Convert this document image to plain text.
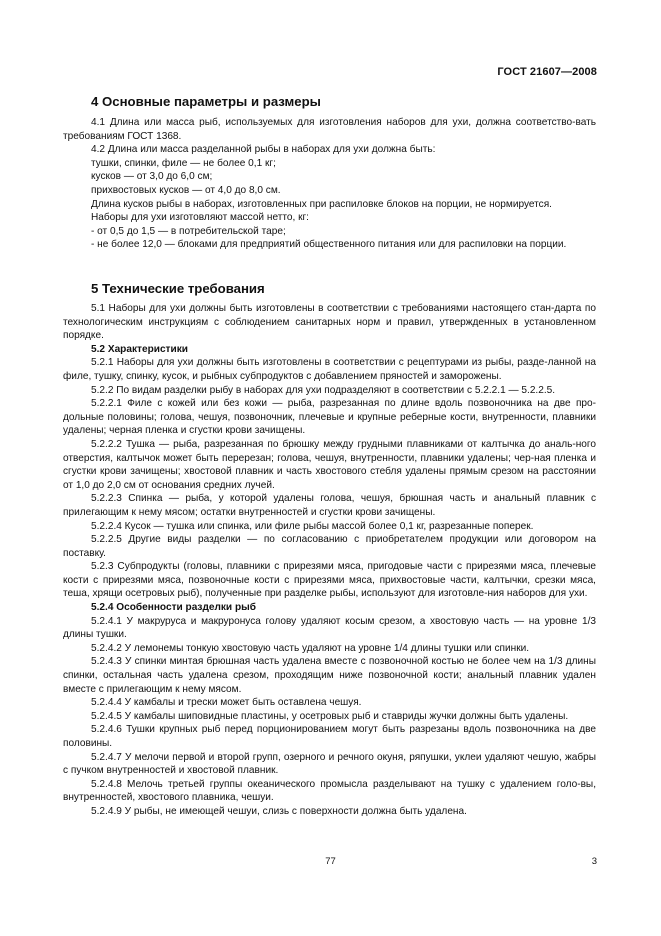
ГОСТ 21607—2008
4 Основные параметры и размеры

4.1 Длина или масса рыб, используемых для изготовления наборов для ухи, должна соответство-вать требованиям ГОСТ 1368.

4.2 Длина или масса разделанной рыбы в наборах для ухи должна быть:

тушки, спинки, филе — не более 0,1 кг;

кусков — от 3,0 до 6,0 см;

прихвостовых кусков — от 4,0 до 8,0 см.

Длина кусков рыбы в наборах, изготовленных при распиловке блоков на порции, не нормируется.

Наборы для ухи изготовляют массой нетто, кг:

- от 0,5 до 1,5 — в потребительской таре;

- не более 12,0 — блоками для предприятий общественного питания или для распиловки на порции.

5 Технические требования

5.1 Наборы для ухи должны быть изготовлены в соответствии с требованиями настоящего стан-дарта по технологическим инструкциям с соблюдением санитарных норм и правил, утвержденных в установленном порядке.

5.2 Характеристики

5.2.1 Наборы для ухи должны быть изготовлены в соответствии с рецептурами из рыбы, разде-ланной на филе, тушку, спинку, кусок, и рыбных субпродуктов с добавлением пряностей и заморожены.

5.2.2 По видам разделки рыбу в наборах для ухи подразделяют в соответствии с 5.2.2.1 — 5.2.2.5.

5.2.2.1 Филе с кожей или без кожи — рыба, разрезанная по длине вдоль позвоночника на две про-дольные половины; голова, чешуя, позвоночник, плечевые и крупные реберные кости, внутренности, плавники удалены; черная пленка и сгустки крови зачищены.

5.2.2.2 Тушка — рыба, разрезанная по брюшку между грудными плавниками от калтычка до аналь-ного отверстия, калтычок может быть перерезан; голова, чешуя, внутренности, плавники удалены; чер-ная пленка и сгустки крови зачищены; хвостовой плавник и часть хвостового стебля удалены прямым срезом на расстоянии от 1,0 до 2,0 см от основания средних лучей.

5.2.2.3 Спинка — рыба, у которой удалены голова, чешуя, брюшная часть и анальный плавник с прилегающим к нему мясом; остатки внутренностей и сгустки крови зачищены.

5.2.2.4 Кусок — тушка или спинка, или филе рыбы массой более 0,1 кг, разрезанные поперек.

5.2.2.5 Другие виды разделки — по согласованию с приобретателем продукции или договором на поставку.

5.2.3 Субпродукты (головы, плавники с прирезями мяса, пригодовые части с прирезями мяса, плечевые кости с прирезями мяса, позвоночные кости с прирезями мяса, прихвостовые части, калтычки, срезки мяса, теша, хрящи осетровых рыб), полученные при разделке рыбы, используют для изготовле-ния наборов для ухи.

5.2.4 Особенности разделки рыб

5.2.4.1 У макруруса и макруронуса голову удаляют косым срезом, а хвостовую часть — на уровне 1/3 длины тушки.

5.2.4.2 У лемонемы тонкую хвостовую часть удаляют на уровне 1/4 длины тушки или спинки.

5.2.4.3 У спинки минтая брюшная часть удалена вместе с позвоночной костью не более чем на 1/3 длины спинки, остальная часть удалена срезом, проходящим ниже позвоночной кости; анальный плавник удален вместе с прилегающим к нему мясом.

5.2.4.4 У камбалы и трески может быть оставлена чешуя.

5.2.4.5 У камбалы шиповидные пластины, у осетровых рыб и ставриды жучки должны быть удалены.

5.2.4.6 Тушки крупных рыб перед порционированием могут быть разрезаны вдоль позвоночника на две половины.

5.2.4.7 У мелочи первой и второй групп, озерного и речного окуня, ряпушки, уклеи удаляют чешую, жабры с пучком внутренностей и хвостовой плавник.

5.2.4.8 Мелочь третьей группы океанического промысла разделывают на тушку с удалением голо-вы, внутренностей, хвостового плавника, чешуи.

5.2.4.9 У рыбы, не имеющей чешуи, слизь с поверхности должна быть удалена.

77	3
